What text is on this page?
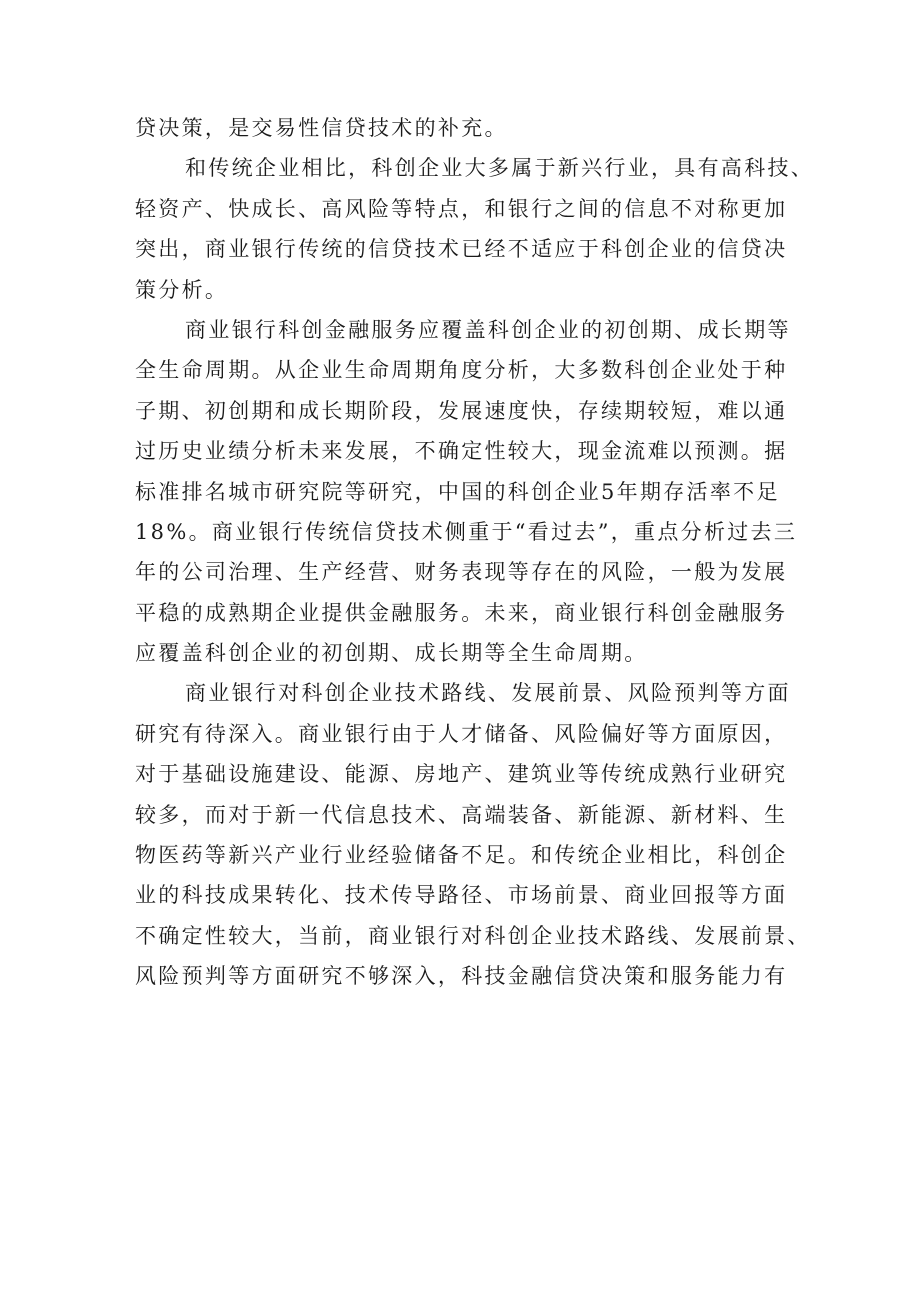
贷决策，是交易性信贷技术的补充。
和传统企业相比，科创企业大多属于新兴行业，具有高科技、
轻资产、快成长、高风险等特点，和银行之间的信息不对称更加
突出，商业银行传统的信贷技术已经不适应于科创企业的信贷决
策分析。
商业银行科创金融服务应覆盖科创企业的初创期、成长期等
全生命周期。从企业生命周期角度分析，大多数科创企业处于种
子期、初创期和成长期阶段，发展速度快，存续期较短，难以通
过历史业绩分析未来发展，不确定性较大，现金流难以预测。据
标准排名城市研究院等研究，中国的科创企业5年期存活率不足
18%。商业银行传统信贷技术侧重于“看过去”，重点分析过去三
年的公司治理、生产经营、财务表现等存在的风险，一般为发展
平稳的成熟期企业提供金融服务。未来，商业银行科创金融服务
应覆盖科创企业的初创期、成长期等全生命周期。
商业银行对科创企业技术路线、发展前景、风险预判等方面
研究有待深入。商业银行由于人才储备、风险偏好等方面原因，
对于基础设施建设、能源、房地产、建筑业等传统成熟行业研究
较多，而对于新一代信息技术、高端装备、新能源、新材料、生
物医药等新兴产业行业经验储备不足。和传统企业相比，科创企
业的科技成果转化、技术传导路径、市场前景、商业回报等方面
不确定性较大，当前，商业银行对科创企业技术路线、发展前景、
风险预判等方面研究不够深入，科技金融信贷决策和服务能力有
